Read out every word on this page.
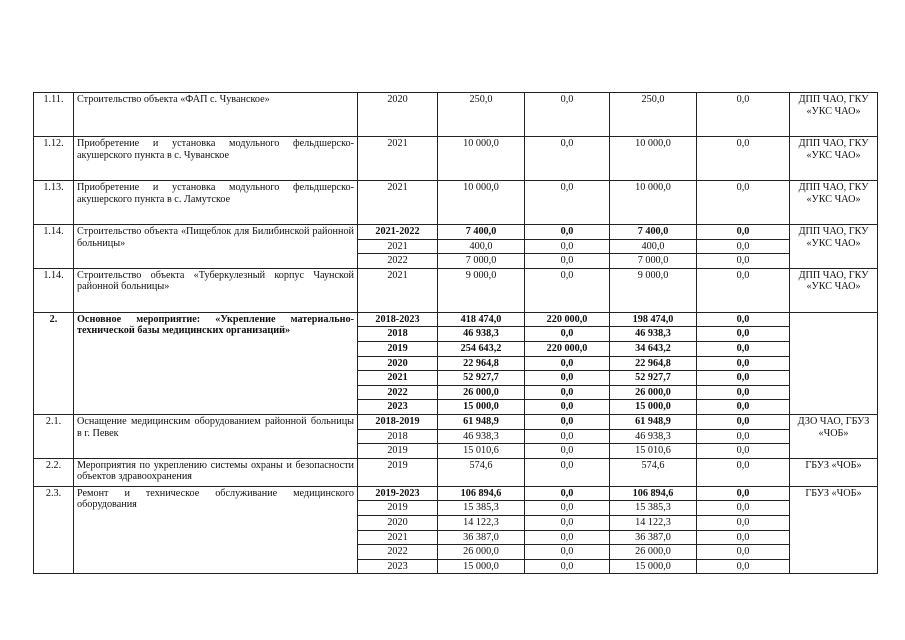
1.11.	Строительство объекта «ФАП с. Чуванское»	2020	250,0	0,0	250,0	0,0	ДПП ЧАО, ГКУ «УКС ЧАО»
1.12.	Приобретение и установка модульного фельдшерско-акушерского пункта в с. Чуванское	2021	10 000,0	0,0	10 000,0	0,0	ДПП ЧАО, ГКУ «УКС ЧАО»
1.13.	Приобретение и установка модульного фельдшерско-акушерского пункта в с. Ламутское	2021	10 000,0	0,0	10 000,0	0,0	ДПП ЧАО, ГКУ «УКС ЧАО»
1.14.	Строительство объекта «Пищеблок для Билибинской районной больницы»	2021-2022	7 400,0	0,0	7 400,0	0,0	ДПП ЧАО, ГКУ «УКС ЧАО»
		2021	400,0	0,0	400,0	0,0	
		2022	7 000,0	0,0	7 000,0	0,0	
1.14.	Строительство объекта «Туберкулезный корпус Чаунской районной больницы»	2021	9 000,0	0,0	9 000,0	0,0	ДПП ЧАО, ГКУ «УКС ЧАО»
2.	Основное мероприятие: «Укрепление материально-технической базы медицинских организаций»	2018-2023	418 474,0	220 000,0	198 474,0	0,0	
		2018	46 938,3	0,0	46 938,3	0,0	
		2019	254 643,2	220 000,0	34 643,2	0,0	
		2020	22 964,8	0,0	22 964,8	0,0	
		2021	52 927,7	0,0	52 927,7	0,0	
		2022	26 000,0	0,0	26 000,0	0,0	
		2023	15 000,0	0,0	15 000,0	0,0	
2.1.	Оснащение медицинским оборудованием районной больницы в г. Певек	2018-2019	61 948,9	0,0	61 948,9	0,0	ДЗО ЧАО, ГБУЗ «ЧОБ»
		2018	46 938,3	0,0	46 938,3	0,0	
		2019	15 010,6	0,0	15 010,6	0,0	
2.2.	Мероприятия по укреплению системы охраны и безопасности объектов здравоохранения	2019	574,6	0,0	574,6	0,0	ГБУЗ «ЧОБ»
2.3.	Ремонт и техническое обслуживание медицинского оборудования	2019-2023	106 894,6	0,0	106 894,6	0,0	ГБУЗ «ЧОБ»
		2019	15 385,3	0,0	15 385,3	0,0	
		2020	14 122,3	0,0	14 122,3	0,0	
		2021	36 387,0	0,0	36 387,0	0,0	
		2022	26 000,0	0,0	26 000,0	0,0	
		2023	15 000,0	0,0	15 000,0	0,0	
